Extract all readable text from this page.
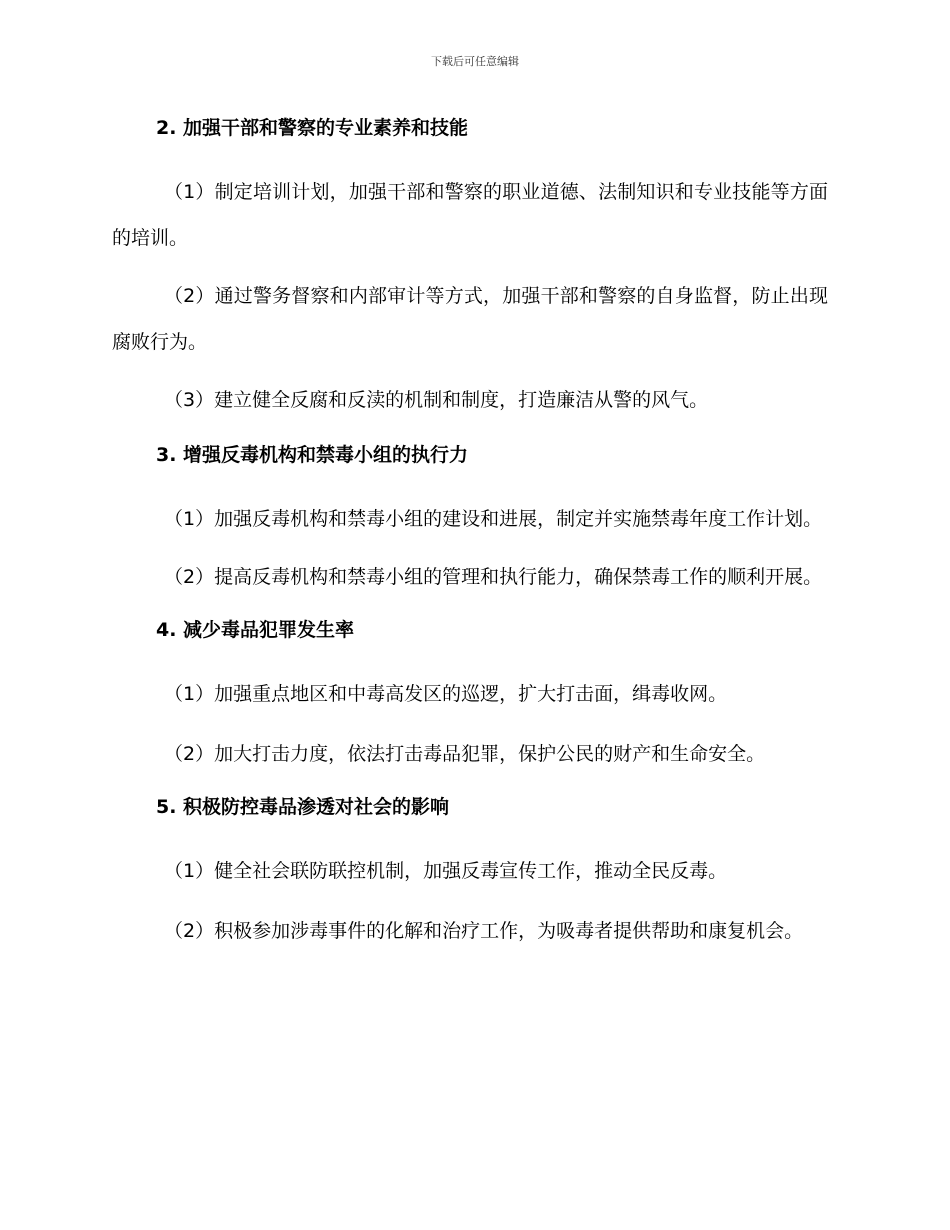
下载后可任意编辑
2. 加强干部和警察的专业素养和技能

（1）制定培训计划，加强干部和警察的职业道德、法制知识和专业技能等方面的培训。

（2）通过警务督察和内部审计等方式，加强干部和警察的自身监督，防止出现腐败行为。

（3）建立健全反腐和反渎的机制和制度，打造廉洁从警的风气。

3. 增强反毒机构和禁毒小组的执行力

（1）加强反毒机构和禁毒小组的建设和进展，制定并实施禁毒年度工作计划。

（2）提高反毒机构和禁毒小组的管理和执行能力，确保禁毒工作的顺利开展。

4. 减少毒品犯罪发生率

（1）加强重点地区和中毒高发区的巡逻，扩大打击面，缉毒收网。

（2）加大打击力度，依法打击毒品犯罪，保护公民的财产和生命安全。

5. 积极防控毒品渗透对社会的影响

（1）健全社会联防联控机制，加强反毒宣传工作，推动全民反毒。

（2）积极参加涉毒事件的化解和治疗工作，为吸毒者提供帮助和康复机会。
